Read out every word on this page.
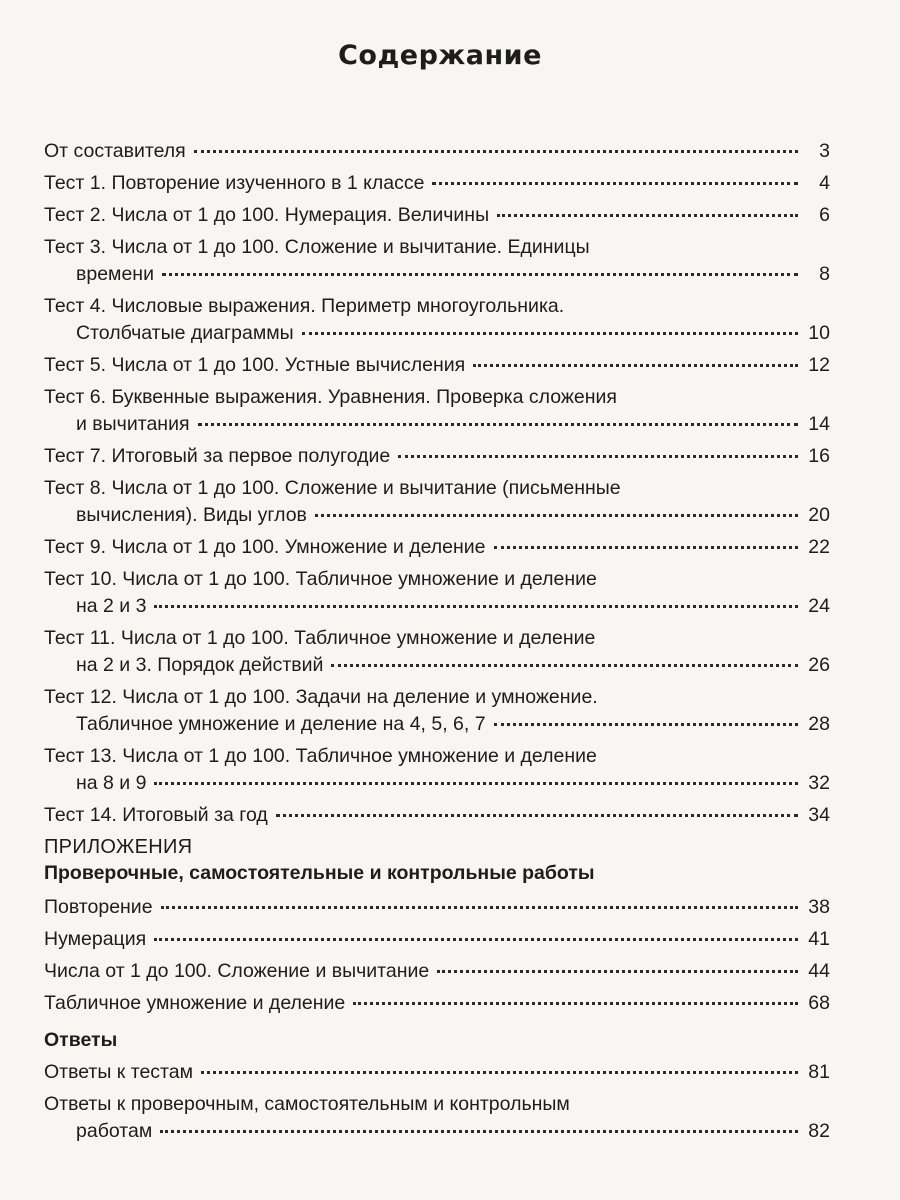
Содержание
От составителя	3
Тест 1. Повторение изученного в 1 классе	4
Тест 2. Числа от 1 до 100. Нумерация. Величины	6
Тест 3. Числа от 1 до 100. Сложение и вычитание. Единицы
времени	8
Тест 4. Числовые выражения. Периметр многоугольника.
Столбчатые диаграммы	10
Тест 5. Числа от 1 до 100. Устные вычисления	12
Тест 6. Буквенные выражения. Уравнения. Проверка сложения
и вычитания	14
Тест 7. Итоговый за первое полугодие	16
Тест 8. Числа от 1 до 100. Сложение и вычитание (письменные
вычисления). Виды углов	20
Тест 9. Числа от 1 до 100. Умножение и деление	22
Тест 10. Числа от 1 до 100. Табличное умножение и деление
на 2 и 3	24
Тест 11. Числа от 1 до 100. Табличное умножение и деление
на 2 и 3. Порядок действий	26
Тест 12. Числа от 1 до 100. Задачи на деление и умножение.
Табличное умножение и деление на 4, 5, 6, 7	28
Тест 13. Числа от 1 до 100. Табличное умножение и деление
на 8 и 9	32
Тест 14. Итоговый за год	34
ПРИЛОЖЕНИЯ
Проверочные, самостоятельные и контрольные работы
Повторение	38
Нумерация	41
Числа от 1 до 100. Сложение и вычитание	44
Табличное умножение и деление	68
Ответы
Ответы к тестам	81
Ответы к проверочным, самостоятельным и контрольным
работам	82
